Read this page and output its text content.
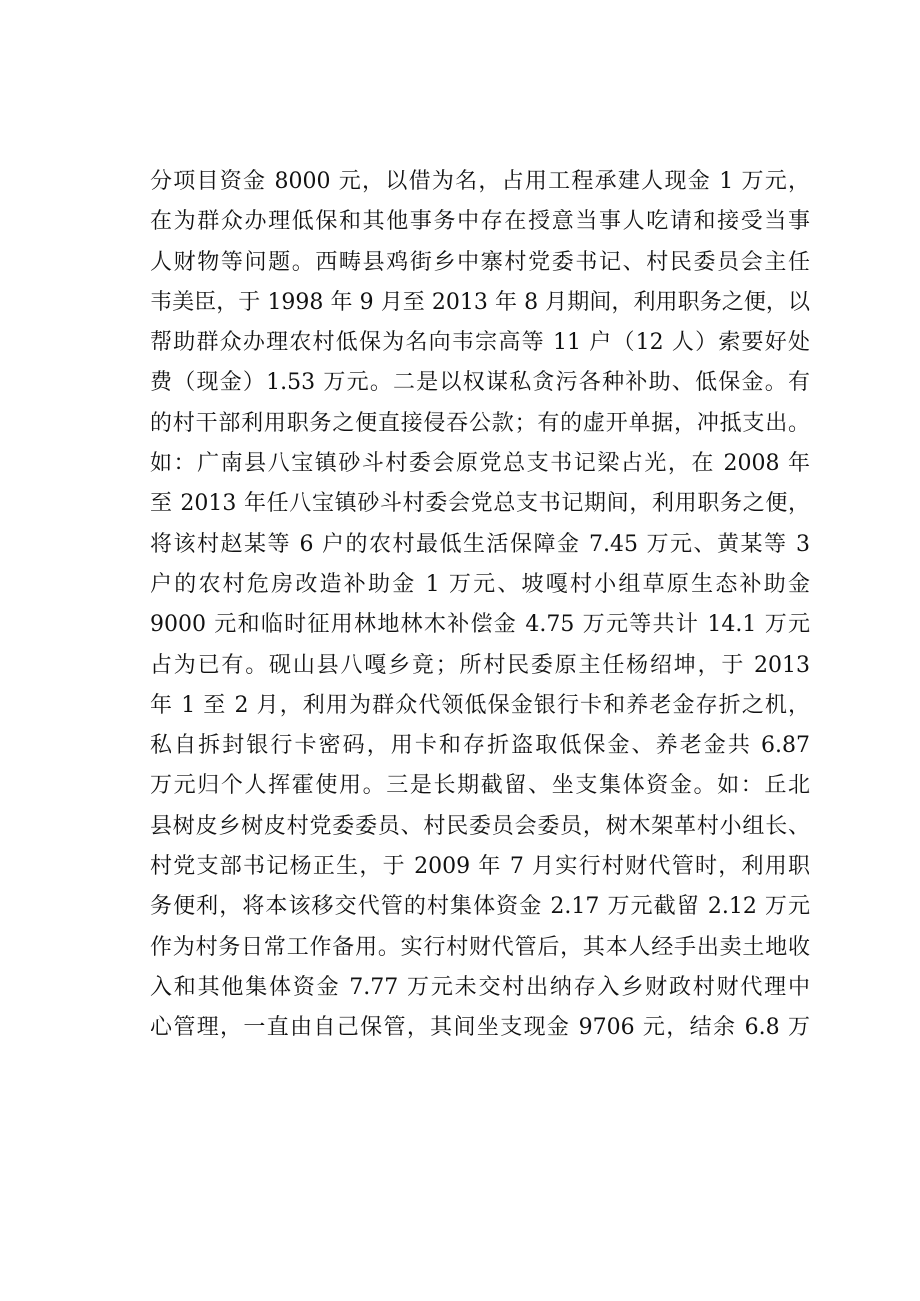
分项目资金 8000 元，以借为名，占用工程承建人现金 1 万元，
在为群众办理低保和其他事务中存在授意当事人吃请和接受当事
人财物等问题。西畴县鸡街乡中寨村党委书记、村民委员会主任
韦美臣，于 1998 年 9 月至 2013 年 8 月期间，利用职务之便，以
帮助群众办理农村低保为名向韦宗高等 11 户（12 人）索要好处
费（现金）1.53 万元。二是以权谋私贪污各种补助、低保金。有
的村干部利用职务之便直接侵吞公款；有的虚开单据，冲抵支出。
如：广南县八宝镇砂斗村委会原党总支书记梁占光，在 2008 年
至 2013 年任八宝镇砂斗村委会党总支书记期间，利用职务之便，
将该村赵某等 6 户的农村最低生活保障金 7.45 万元、黄某等 3
户的农村危房改造补助金 1 万元、坡嘎村小组草原生态补助金
9000 元和临时征用林地林木补偿金 4.75 万元等共计 14.1 万元
占为已有。砚山县八嘎乡竟；所村民委原主任杨绍坤，于 2013
年 1 至 2 月，利用为群众代领低保金银行卡和养老金存折之机，
私自拆封银行卡密码，用卡和存折盗取低保金、养老金共 6.87
万元归个人挥霍使用。三是长期截留、坐支集体资金。如：丘北
县树皮乡树皮村党委委员、村民委员会委员，树木架革村小组长、
村党支部书记杨正生，于 2009 年 7 月实行村财代管时，利用职
务便利，将本该移交代管的村集体资金 2.17 万元截留 2.12 万元
作为村务日常工作备用。实行村财代管后，其本人经手出卖土地收
入和其他集体资金 7.77 万元未交村出纳存入乡财政村财代理中
心管理，一直由自己保管，其间坐支现金 9706 元，结余 6.8 万
